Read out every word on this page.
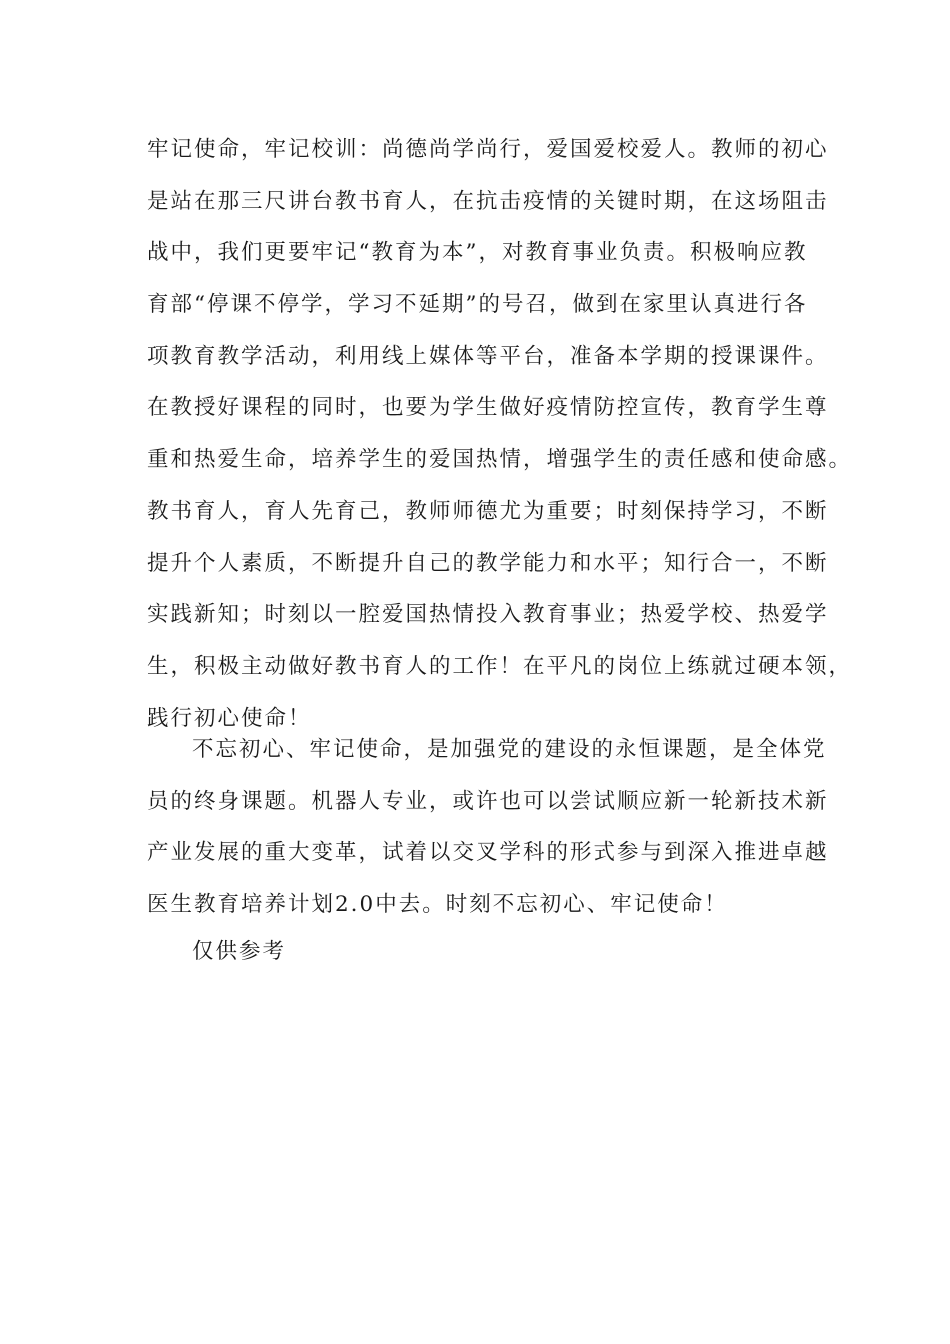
牢记使命，牢记校训：尚德尚学尚行，爱国爱校爱人。教师的初心
是站在那三尺讲台教书育人，在抗击疫情的关键时期，在这场阻击
战中，我们更要牢记“教育为本”，对教育事业负责。积极响应教
育部“停课不停学，学习不延期”的号召，做到在家里认真进行各
项教育教学活动，利用线上媒体等平台，准备本学期的授课课件。
在教授好课程的同时，也要为学生做好疫情防控宣传，教育学生尊
重和热爱生命，培养学生的爱国热情，增强学生的责任感和使命感。
教书育人，育人先育己，教师师德尤为重要；时刻保持学习，不断
提升个人素质，不断提升自己的教学能力和水平；知行合一，不断
实践新知；时刻以一腔爱国热情投入教育事业；热爱学校、热爱学
生，积极主动做好教书育人的工作！在平凡的岗位上练就过硬本领，
践行初心使命！
不忘初心、牢记使命，是加强党的建设的永恒课题，是全体党
员的终身课题。机器人专业，或许也可以尝试顺应新一轮新技术新
产业发展的重大变革，试着以交叉学科的形式参与到深入推进卓越
医生教育培养计划2.0中去。时刻不忘初心、牢记使命！
仅供参考
